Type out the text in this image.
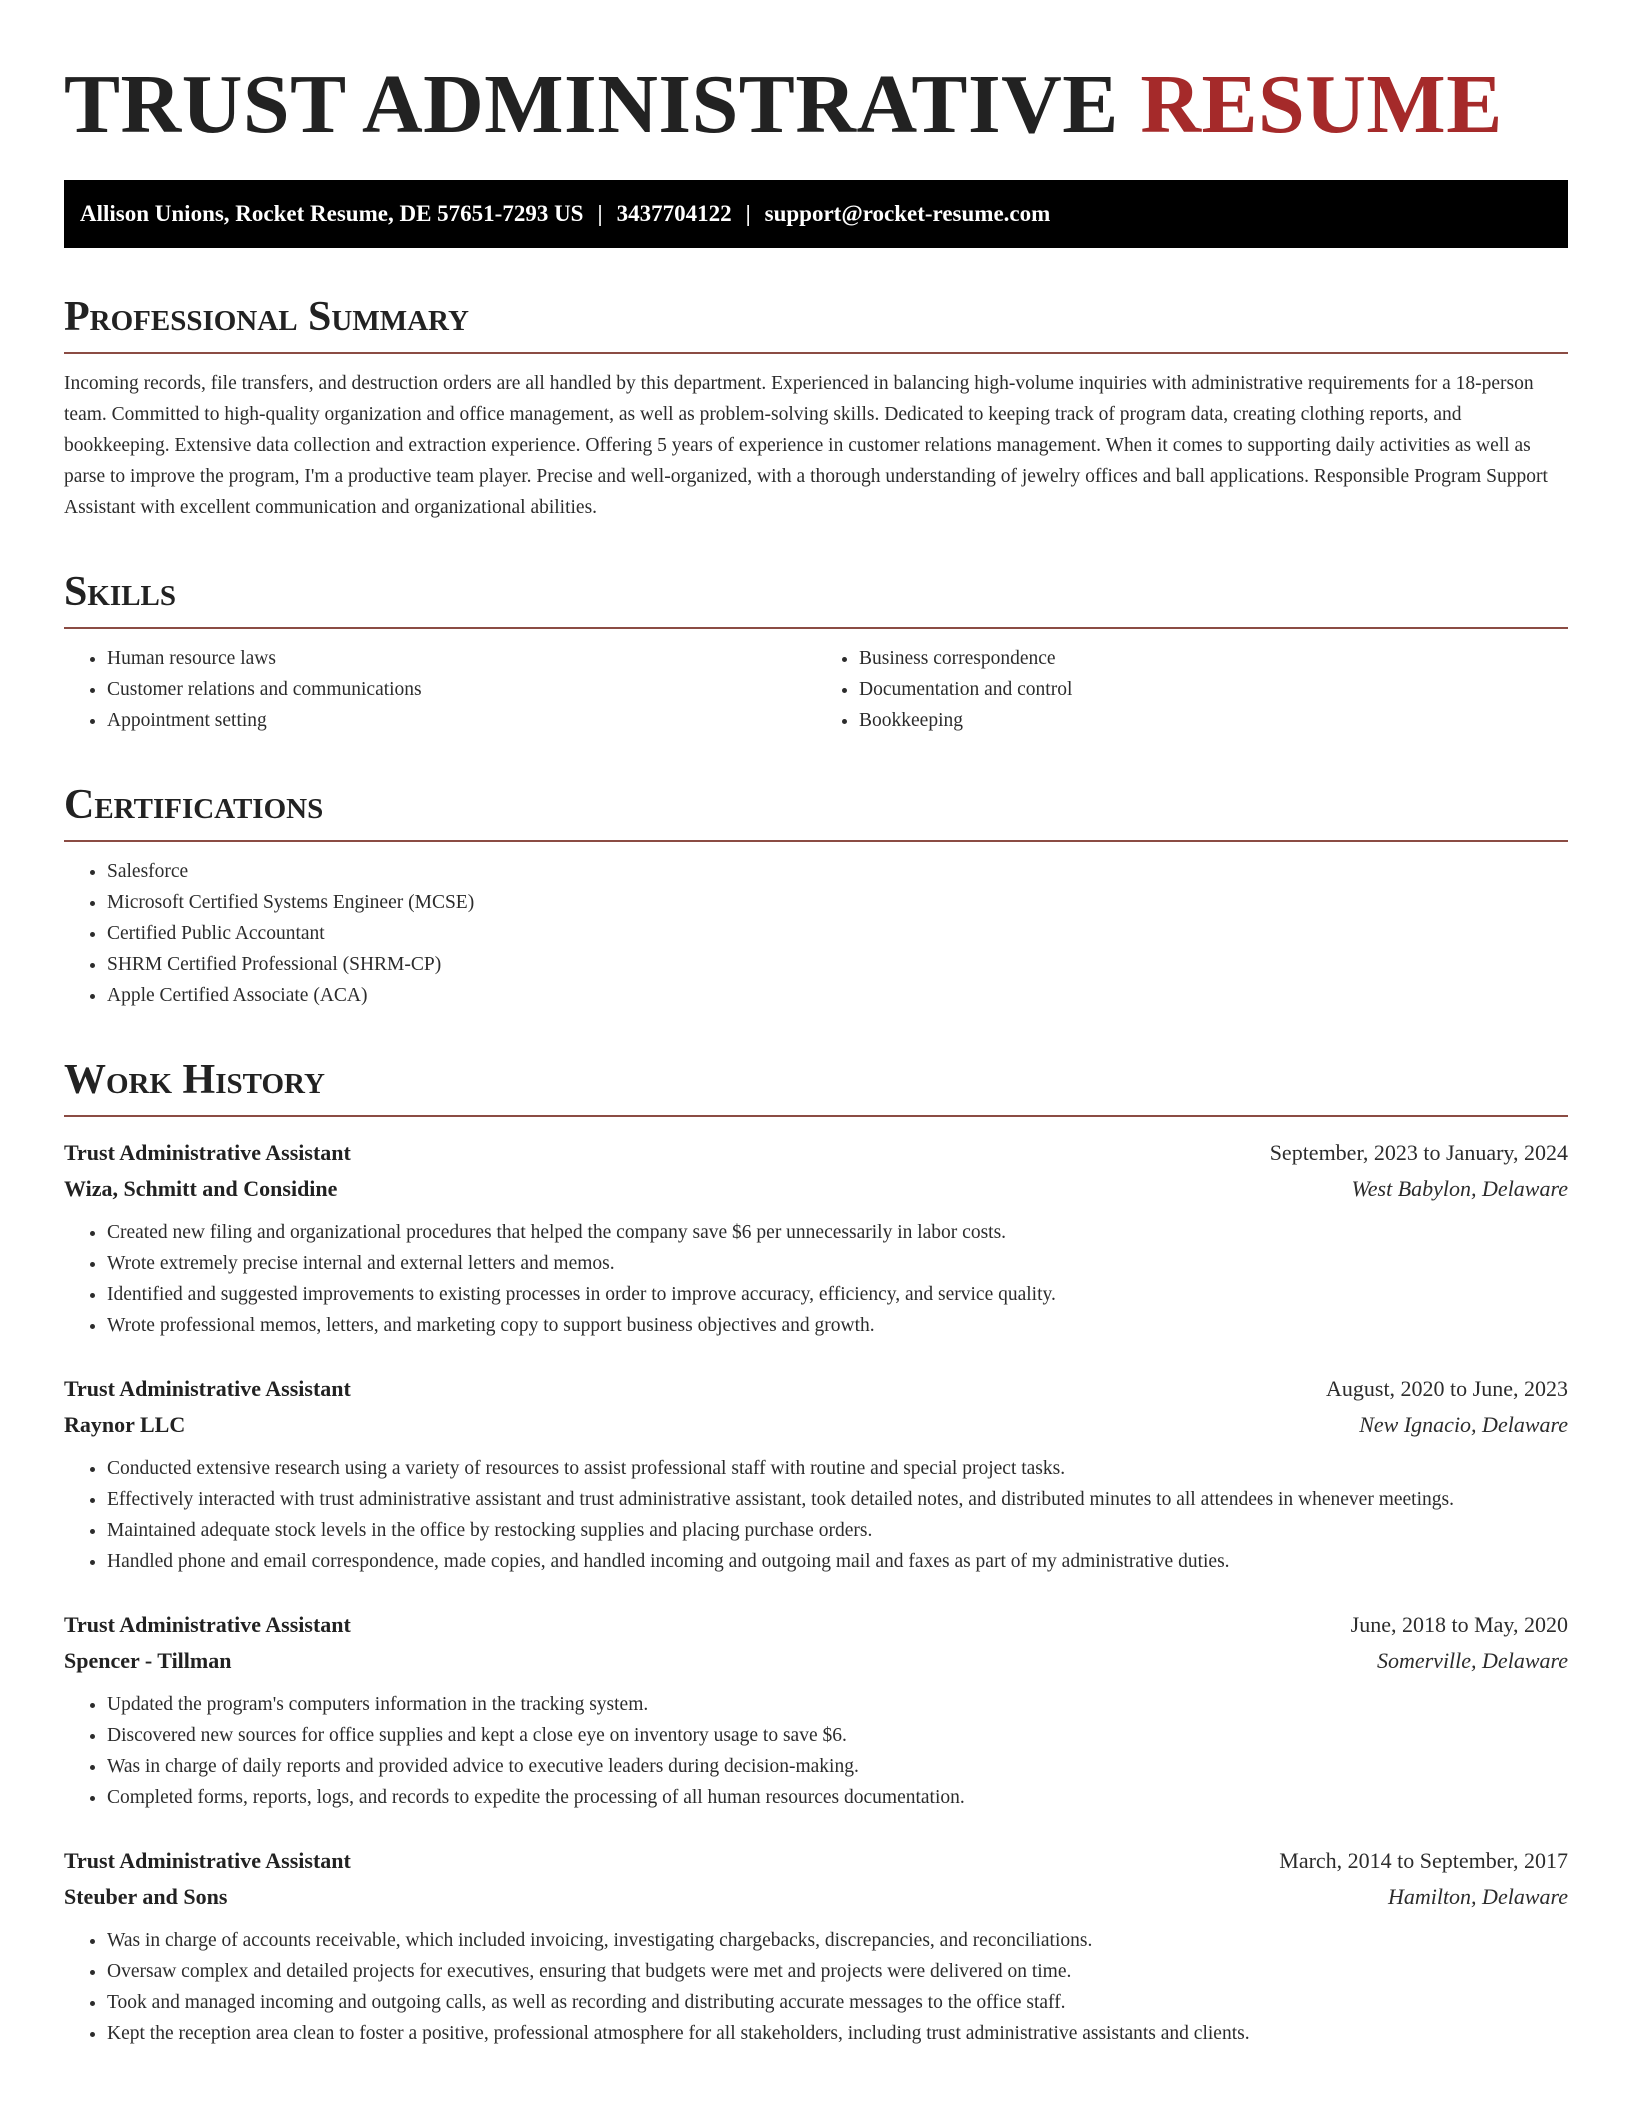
TRUST ADMINISTRATIVE RESUME
Allison Unions, Rocket Resume, DE 57651-7293 US | 3437704122 | support@rocket-resume.com
Professional Summary

Incoming records, file transfers, and destruction orders are all handled by this department. Experienced in balancing high-volume inquiries with administrative requirements for a 18-person team. Committed to high-quality organization and office management, as well as problem-solving skills. Dedicated to keeping track of program data, creating clothing reports, and bookkeeping. Extensive data collection and extraction experience. Offering 5 years of experience in customer relations management. When it comes to supporting daily activities as well as parse to improve the program, I'm a productive team player. Precise and well-organized, with a thorough understanding of jewelry offices and ball applications. Responsible Program Support Assistant with excellent communication and organizational abilities.

Skills
• Human resource laws
• Customer relations and communications
• Appointment setting
• Business correspondence
• Documentation and control
• Bookkeeping
Certifications
• Salesforce
• Microsoft Certified Systems Engineer (MCSE)
• Certified Public Accountant
• SHRM Certified Professional (SHRM-CP)
• Apple Certified Associate (ACA)
Work History
Trust Administrative Assistant	September, 2023 to January, 2024
Wiza, Schmitt and Considine	West Babylon, Delaware
• Created new filing and organizational procedures that helped the company save $6 per unnecessarily in labor costs.
• Wrote extremely precise internal and external letters and memos.
• Identified and suggested improvements to existing processes in order to improve accuracy, efficiency, and service quality.
• Wrote professional memos, letters, and marketing copy to support business objectives and growth.
Trust Administrative Assistant	August, 2020 to June, 2023
Raynor LLC	New Ignacio, Delaware
• Conducted extensive research using a variety of resources to assist professional staff with routine and special project tasks.
• Effectively interacted with trust administrative assistant and trust administrative assistant, took detailed notes, and distributed minutes to all attendees in whenever meetings.
• Maintained adequate stock levels in the office by restocking supplies and placing purchase orders.
• Handled phone and email correspondence, made copies, and handled incoming and outgoing mail and faxes as part of my administrative duties.
Trust Administrative Assistant	June, 2018 to May, 2020
Spencer - Tillman	Somerville, Delaware
• Updated the program's computers information in the tracking system.
• Discovered new sources for office supplies and kept a close eye on inventory usage to save $6.
• Was in charge of daily reports and provided advice to executive leaders during decision-making.
• Completed forms, reports, logs, and records to expedite the processing of all human resources documentation.
Trust Administrative Assistant	March, 2014 to September, 2017
Steuber and Sons	Hamilton, Delaware
• Was in charge of accounts receivable, which included invoicing, investigating chargebacks, discrepancies, and reconciliations.
• Oversaw complex and detailed projects for executives, ensuring that budgets were met and projects were delivered on time.
• Took and managed incoming and outgoing calls, as well as recording and distributing accurate messages to the office staff.
• Kept the reception area clean to foster a positive, professional atmosphere for all stakeholders, including trust administrative assistants and clients.
